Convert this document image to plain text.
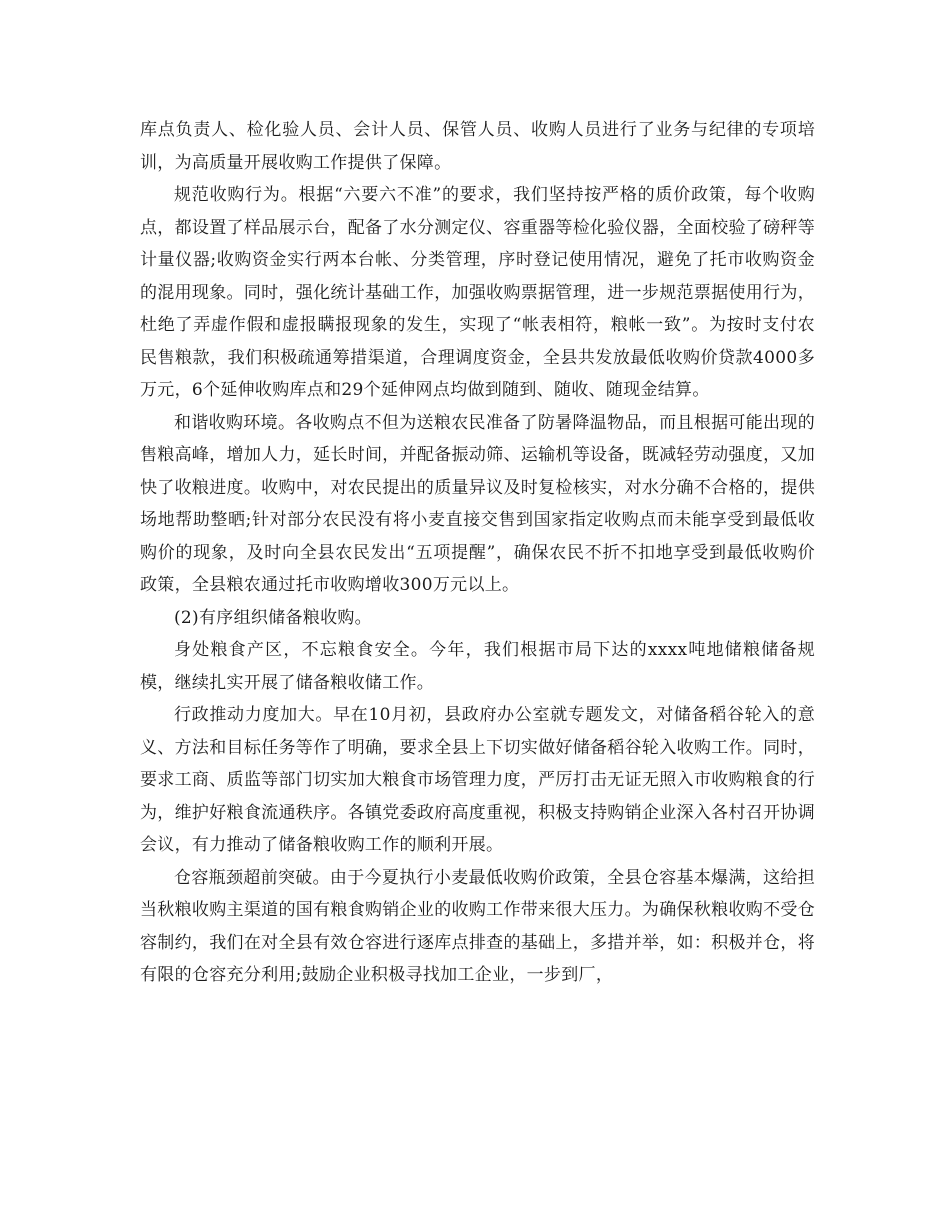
库点负责人、检化验人员、会计人员、保管人员、收购人员进行了业务与纪律的专项培训，为高质量开展收购工作提供了保障。

规范收购行为。根据“六要六不准”的要求，我们坚持按严格的质价政策，每个收购点，都设置了样品展示台，配备了水分测定仪、容重器等检化验仪器，全面校验了磅秤等计量仪器;收购资金实行两本台帐、分类管理，序时登记使用情况，避免了托市收购资金的混用现象。同时，强化统计基础工作，加强收购票据管理，进一步规范票据使用行为，杜绝了弄虚作假和虚报瞒报现象的发生，实现了“帐表相符，粮帐一致”。为按时支付农民售粮款，我们积极疏通筹措渠道，合理调度资金，全县共发放最低收购价贷款4000多万元，6个延伸收购库点和29个延伸网点均做到随到、随收、随现金结算。

和谐收购环境。各收购点不但为送粮农民准备了防暑降温物品，而且根据可能出现的售粮高峰，增加人力，延长时间，并配备振动筛、运输机等设备，既减轻劳动强度，又加快了收粮进度。收购中，对农民提出的质量异议及时复检核实，对水分确不合格的，提供场地帮助整晒;针对部分农民没有将小麦直接交售到国家指定收购点而未能享受到最低收购价的现象，及时向全县农民发出“五项提醒”，确保农民不折不扣地享受到最低收购价政策，全县粮农通过托市收购增收300万元以上。

(2)有序组织储备粮收购。

身处粮食产区，不忘粮食安全。今年，我们根据市局下达的xxxx吨地储粮储备规模，继续扎实开展了储备粮收储工作。

行政推动力度加大。早在10月初，县政府办公室就专题发文，对储备稻谷轮入的意义、方法和目标任务等作了明确，要求全县上下切实做好储备稻谷轮入收购工作。同时，要求工商、质监等部门切实加大粮食市场管理力度，严厉打击无证无照入市收购粮食的行为，维护好粮食流通秩序。各镇党委政府高度重视，积极支持购销企业深入各村召开协调会议，有力推动了储备粮收购工作的顺利开展。

仓容瓶颈超前突破。由于今夏执行小麦最低收购价政策，全县仓容基本爆满，这给担当秋粮收购主渠道的国有粮食购销企业的收购工作带来很大压力。为确保秋粮收购不受仓容制约，我们在对全县有效仓容进行逐库点排查的基础上，多措并举，如：积极并仓，将有限的仓容充分利用;鼓励企业积极寻找加工企业，一步到厂，
